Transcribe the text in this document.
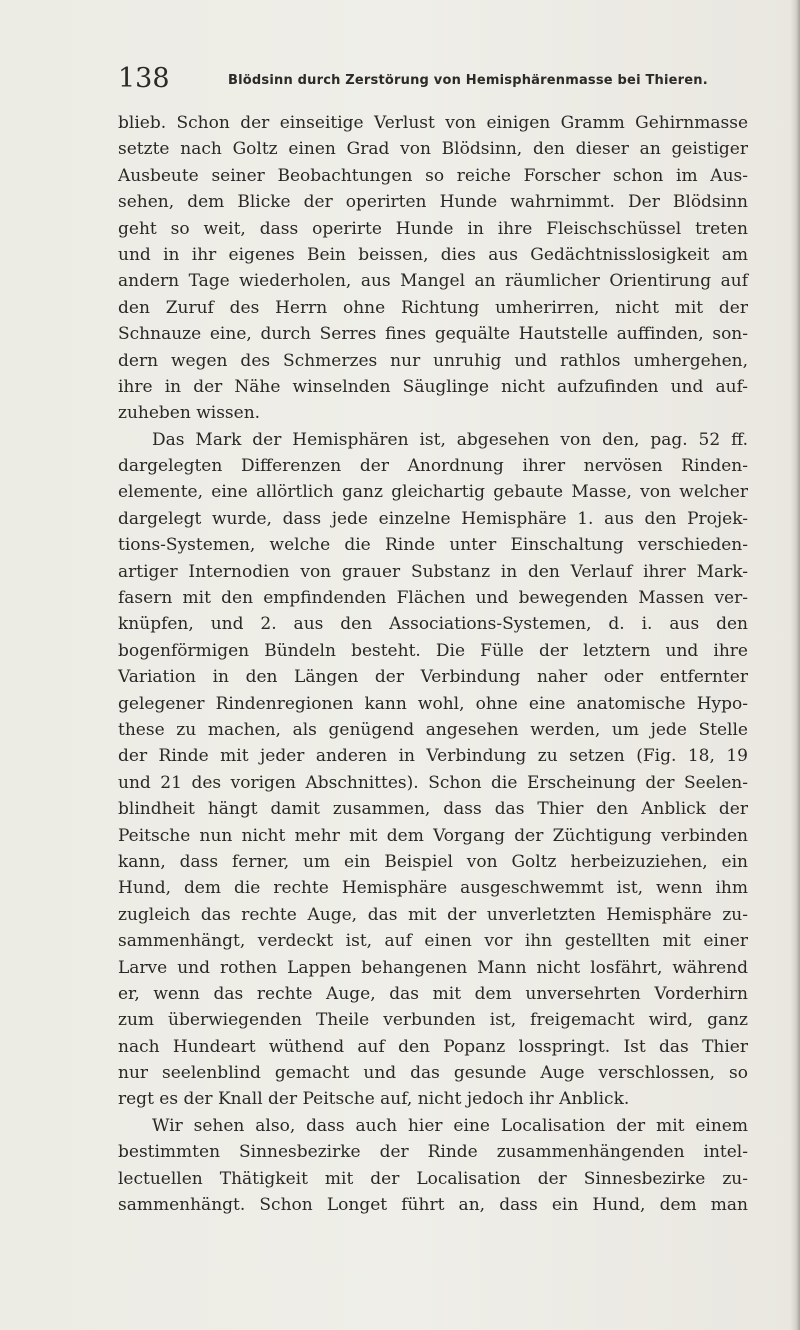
138	Blödsinn durch Zerstörung von Hemisphärenmasse bei Thieren.
blieb. Schon der einseitige Verlust von einigen Gramm Gehirnmasse
setzte nach Goltz einen Grad von Blödsinn, den dieser an geistiger
Ausbeute seiner Beobachtungen so reiche Forscher schon im Aus-
sehen, dem Blicke der operirten Hunde wahrnimmt. Der Blödsinn
geht so weit, dass operirte Hunde in ihre Fleischschüssel treten
und in ihr eigenes Bein beissen, dies aus Gedächtnisslosigkeit am
andern Tage wiederholen, aus Mangel an räumlicher Orientirung auf
den Zuruf des Herrn ohne Richtung umherirren, nicht mit der
Schnauze eine, durch Serres fines gequälte Hautstelle auffinden, son-
dern wegen des Schmerzes nur unruhig und rathlos umhergehen,
ihre in der Nähe winselnden Säuglinge nicht aufzufinden und auf-
zuheben wissen.
Das Mark der Hemisphären ist, abgesehen von den, pag. 52 ff.
dargelegten Differenzen der Anordnung ihrer nervösen Rinden-
elemente, eine allörtlich ganz gleichartig gebaute Masse, von welcher
dargelegt wurde, dass jede einzelne Hemisphäre 1. aus den Projek-
tions-Systemen, welche die Rinde unter Einschaltung verschieden-
artiger Internodien von grauer Substanz in den Verlauf ihrer Mark-
fasern mit den empfindenden Flächen und bewegenden Massen ver-
knüpfen, und 2. aus den Associations-Systemen, d. i. aus den
bogenförmigen Bündeln besteht. Die Fülle der letztern und ihre
Variation in den Längen der Verbindung naher oder entfernter
gelegener Rindenregionen kann wohl, ohne eine anatomische Hypo-
these zu machen, als genügend angesehen werden, um jede Stelle
der Rinde mit jeder anderen in Verbindung zu setzen (Fig. 18, 19
und 21 des vorigen Abschnittes). Schon die Erscheinung der Seelen-
blindheit hängt damit zusammen, dass das Thier den Anblick der
Peitsche nun nicht mehr mit dem Vorgang der Züchtigung verbinden
kann, dass ferner, um ein Beispiel von Goltz herbeizuziehen, ein
Hund, dem die rechte Hemisphäre ausgeschwemmt ist, wenn ihm
zugleich das rechte Auge, das mit der unverletzten Hemisphäre zu-
sammenhängt, verdeckt ist, auf einen vor ihn gestellten mit einer
Larve und rothen Lappen behangenen Mann nicht losfährt, während
er, wenn das rechte Auge, das mit dem unversehrten Vorderhirn
zum überwiegenden Theile verbunden ist, freigemacht wird, ganz
nach Hundeart wüthend auf den Popanz losspringt. Ist das Thier
nur seelenblind gemacht und das gesunde Auge verschlossen, so
regt es der Knall der Peitsche auf, nicht jedoch ihr Anblick.
Wir sehen also, dass auch hier eine Localisation der mit einem
bestimmten Sinnesbezirke der Rinde zusammenhängenden intel-
lectuellen Thätigkeit mit der Localisation der Sinnesbezirke zu-
sammenhängt. Schon Longet führt an, dass ein Hund, dem man
